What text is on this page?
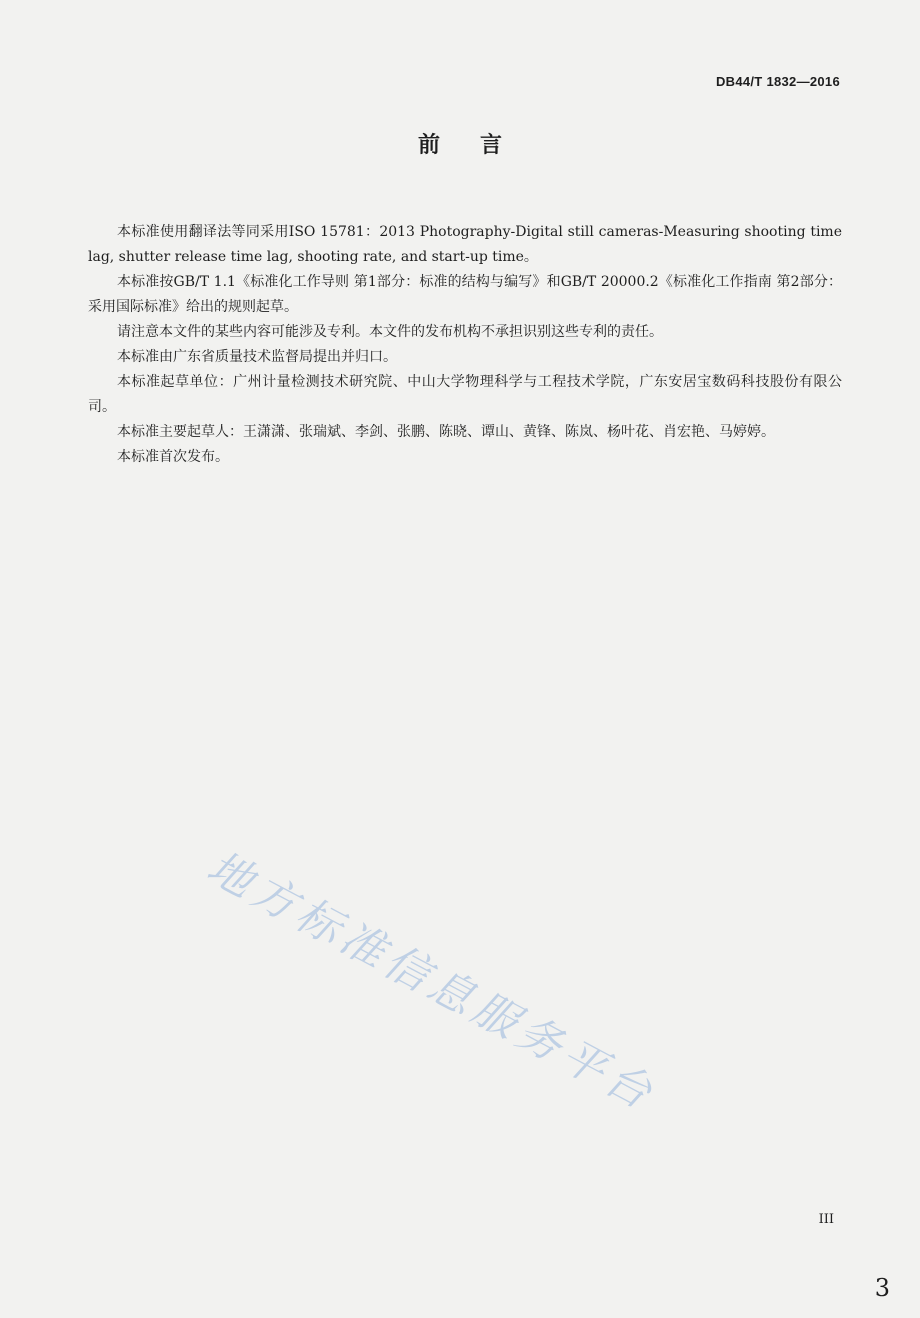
DB44/T 1832—2016
前言

本标准使用翻译法等同采用ISO 15781：2013 Photography-Digital still cameras-Measuring shooting time lag, shutter release time lag, shooting rate, and start-up time。

本标准按GB/T 1.1《标准化工作导则 第1部分：标准的结构与编写》和GB/T 20000.2《标准化工作指南 第2部分：采用国际标准》给出的规则起草。

请注意本文件的某些内容可能涉及专利。本文件的发布机构不承担识别这些专利的责任。

本标准由广东省质量技术监督局提出并归口。

本标准起草单位：广州计量检测技术研究院、中山大学物理科学与工程技术学院，广东安居宝数码科技股份有限公司。

本标准主要起草人：王潇潇、张瑞斌、李剑、张鹏、陈晓、谭山、黄锋、陈岚、杨叶花、肖宏艳、马婷婷。

本标准首次发布。

地方标准信息服务平台
III
3
